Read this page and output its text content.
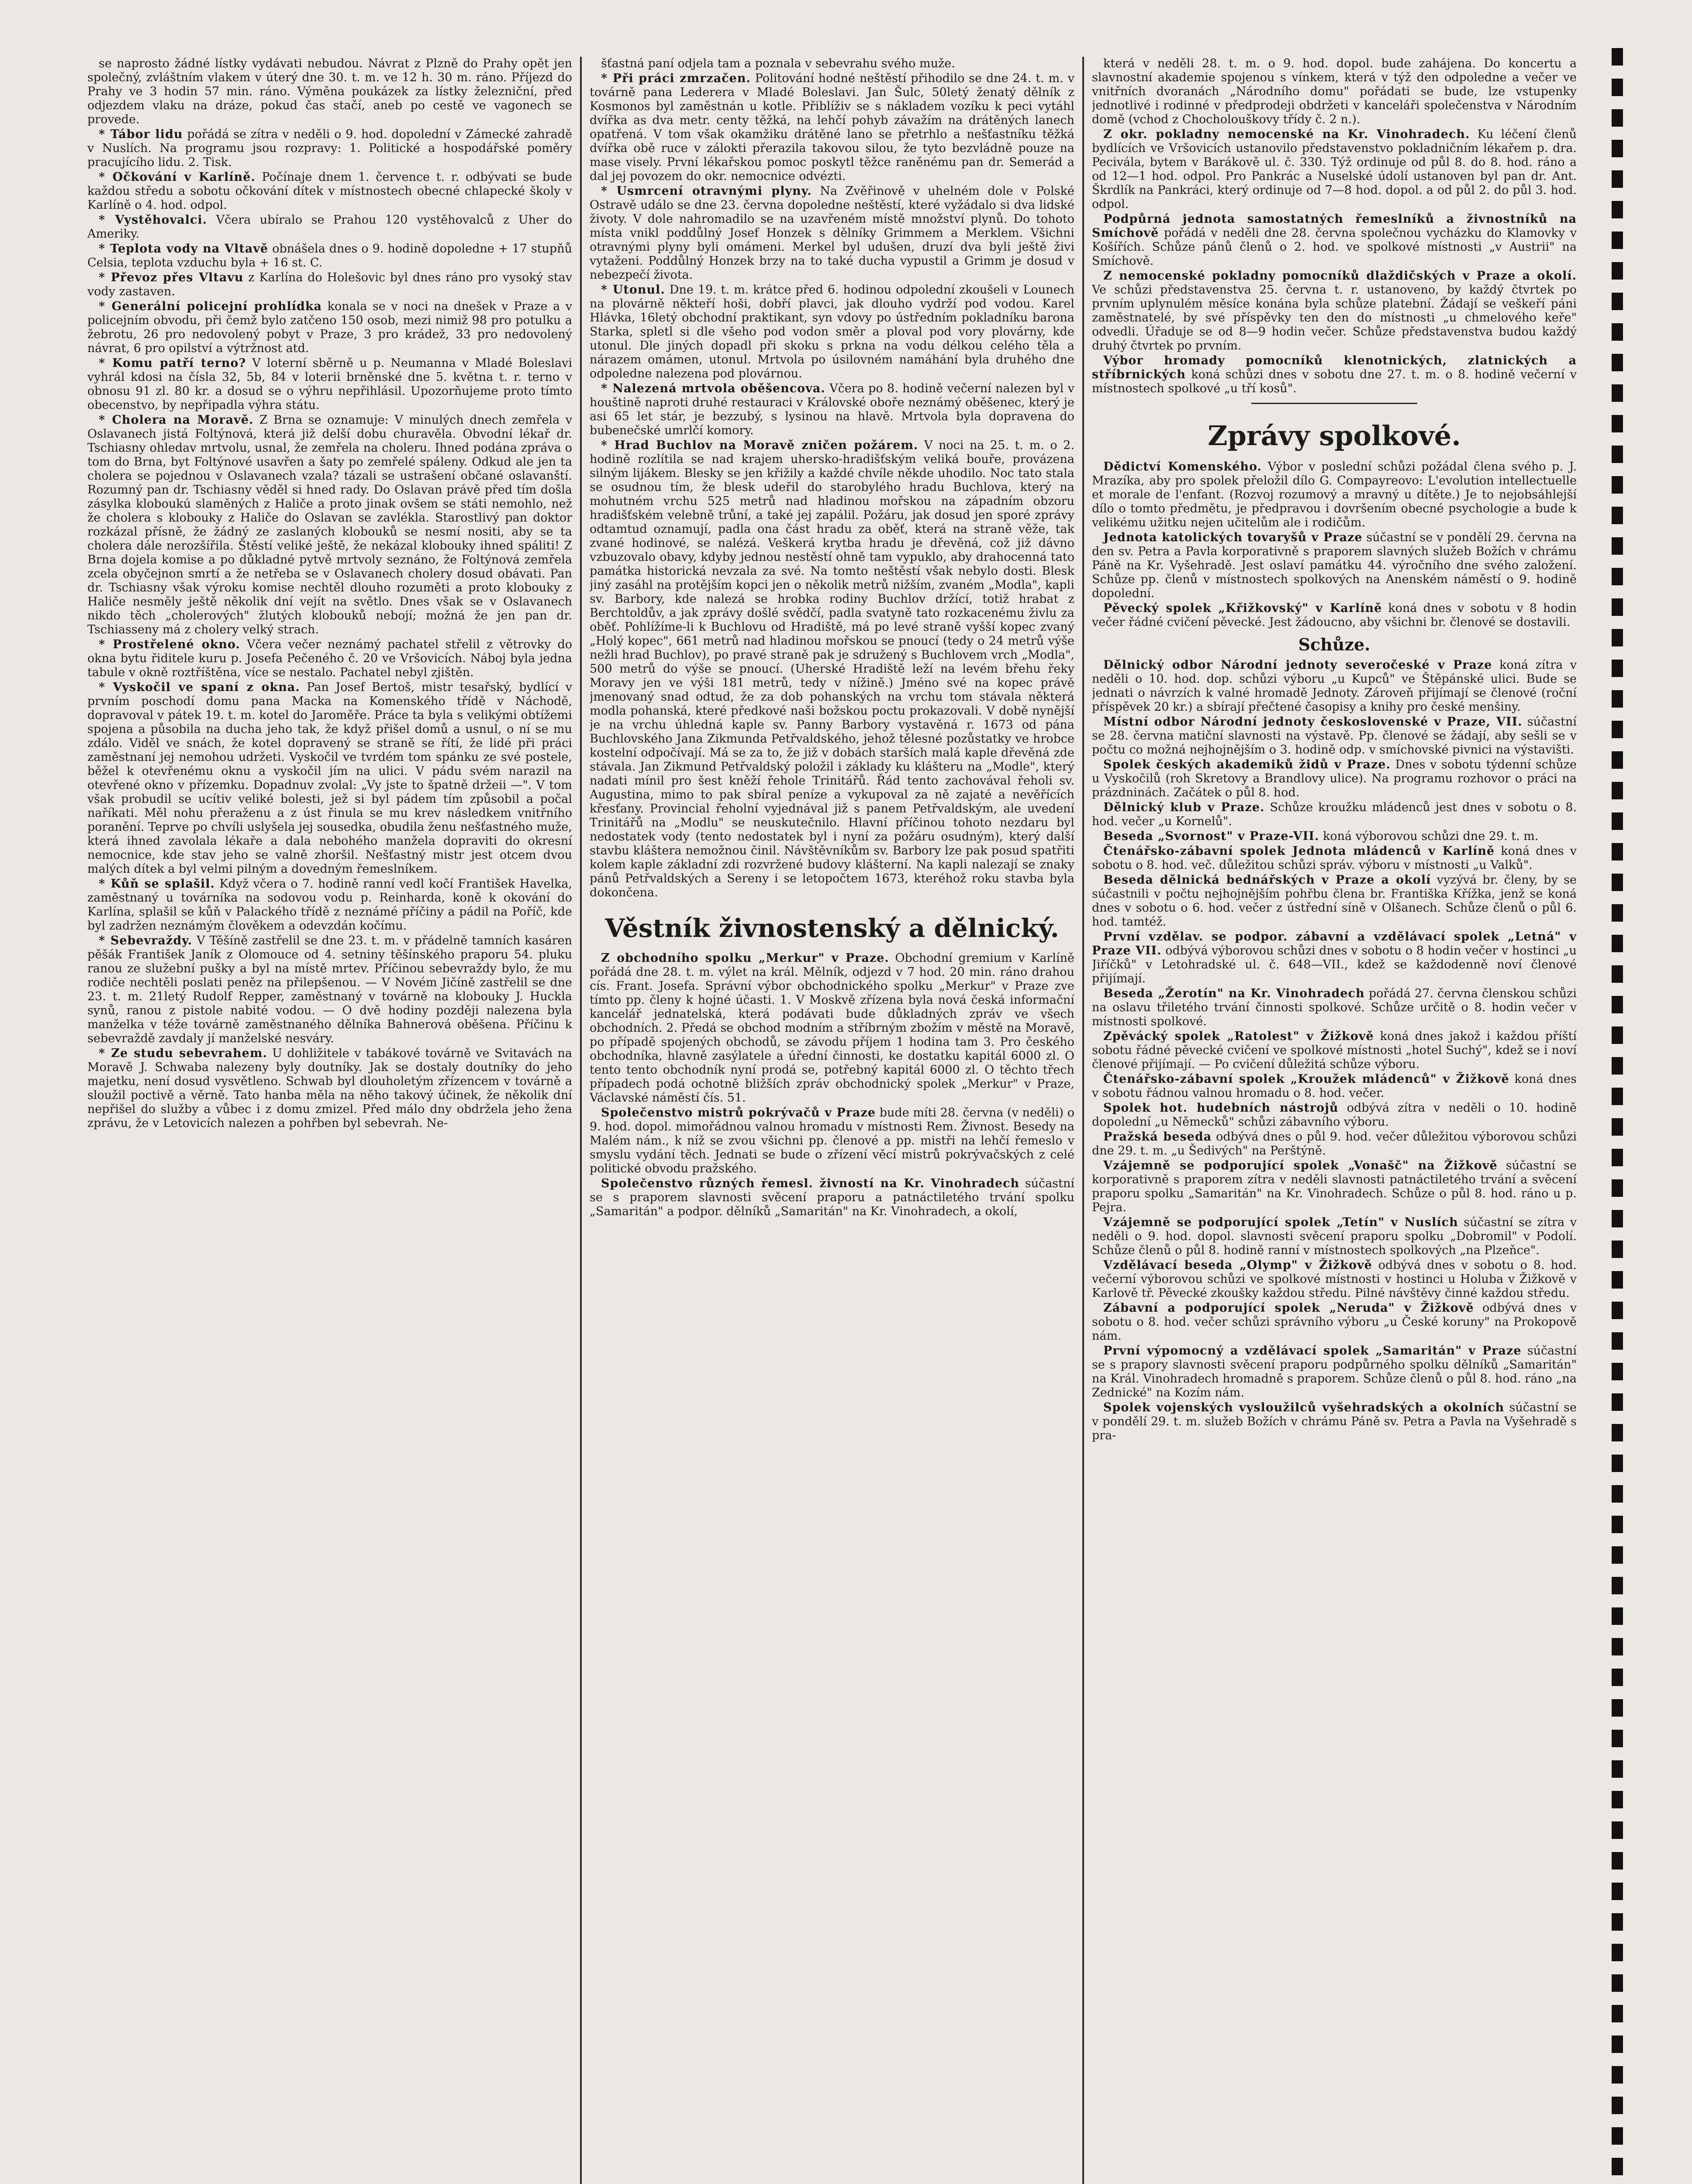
se naprosto žádné lístky vydávati nebudou. Návrat z Plzně do Prahy opět jen společný, zvláštním vlakem v úterý dne 30. t. m. ve 12 h. 30 m. ráno. Příjezd do Prahy ve 3 hodin 57 min. ráno. Výměna poukázek za lístky železniční, před odjezdem vlaku na dráze, pokud čas stačí, aneb po cestě ve vagonech se provede.

* Tábor lidu pořádá se zítra v neděli o 9. hod. dopolední v Zámecké zahradě v Nuslích. Na programu jsou rozpravy: 1. Politické a hospodářské poměry pracujícího lidu. 2. Tisk.

* Očkování v Karlíně. Počínaje dnem 1. července t. r. odbývati se bude každou středu a sobotu očkování dítek v místnostech obecné chlapecké školy v Karlíně o 4. hod. odpol.

* Vystěhovalci. Včera ubíralo se Prahou 120 vystěhovalců z Uher do Ameriky.

* Teplota vody na Vltavě obnášela dnes o 9. hodině dopoledne + 17 stupňů Celsia, teplota vzduchu byla + 16 st. C.

* Převoz přes Vltavu z Karlína do Holešovic byl dnes ráno pro vysoký stav vody zastaven.

* Generální policejní prohlídka konala se v noci na dnešek v Praze a v policejním obvodu, při čemž bylo zatčeno 150 osob, mezi nimiž 98 pro potulku a žebrotu, 26 pro nedovolený pobyt v Praze, 3 pro krádež, 33 pro nedovolený návrat, 6 pro opilství a výtržnost atd.

* Komu patří terno? V loterní sběrně u p. Neumanna v Mladé Boleslavi vyhrál kdosi na čísla 32, 5b, 84 v loterii brněnské dne 5. května t. r. terno v obnosu 91 zl. 80 kr. a dosud se o výhru nepřihlásil. Upozorňujeme proto tímto obecenstvo, by nepřipadla výhra státu.

* Cholera na Moravě. Z Brna se oznamuje: V minulých dnech zemřela v Oslavanech jistá Foltýnová, která již delší dobu churavěla. Obvodní lékař dr. Tschiasny ohledav mrtvolu, usnal, že zemřela na choleru. Ihned podána zpráva o tom do Brna, byt Foltýnové usavřen a šaty po zemřelé spáleny. Odkud ale jen ta cholera se pojednou v Oslavanech vzala? tázali se ustrašení občané oslavanští. Rozumný pan dr. Tschiasny věděl si hned rady. Do Oslavan právě před tím došla zásylka kloboukú slaměných z Haliče a proto jinak ovšem se státi nemohlo, než že cholera s klobouky z Haliče do Oslavan se zavlékla. Starostlivý pan doktor rozkázal přísně, že žádný ze zaslaných klobouků se nesmí nositi, aby se ta cholera dále nerozšířila. Štěstí veliké ještě, že nekázal klobouky ihned spáliti! Z Brna dojela komise a po důkladné pytvě mrtvoly seznáno, že Foltýnová zemřela zcela obyčejnon smrtí a že netřeba se v Oslavanech cholery dosud obávati. Pan dr. Tschiasny však výroku komise nechtěl dlouho rozuměti a proto klobouky z Haliče nesměly ještě několik dní vejít na světlo. Dnes však se v Oslavanech nikdo těch „cholerových" žlutých klobouků nebojí; možná že jen pan dr. Tschiasseny má z cholery velký strach.

* Prostřelené okno. Včera večer neznámý pachatel střelil z větrovky do okna bytu řiditele kuru p. Josefa Pečeného č. 20 ve Vršovicích. Náboj byla jedna tabule v okně roztříštěna, více se nestalo. Pachatel nebyl zjištěn.

* Vyskočil ve spaní z okna. Pan Josef Bertoš, mistr tesařský, bydlící v prvním poschodí domu pana Macka na Komenského třídě v Náchodě, dopravoval v pátek 19. t. m. kotel do Jaroměře. Práce ta byla s velikými obtížemi spojena a působila na ducha jeho tak, že když přišel domů a usnul, o ní se mu zdálo. Viděl ve snách, že kotel dopravený se straně se řítí, že lidé při práci zaměstnaní jej nemohou udržeti. Vyskočil ve tvrdém tom spánku ze své postele, běžel k otevřenému oknu a vyskočil jím na ulici. V pádu svém narazil na otevřené okno v přízemku. Dopadnuv zvolal: „Vy jste to špatně držeii —". V tom však probudil se ucítiv veliké bolesti, jež si byl pádem tím způsobil a počal naříkati. Měl nohu přeraženu a z úst řinula se mu krev následkem vnitřního poranění. Teprve po chvíli uslyšela jej sousedka, obudila ženu nešťastného muže, která ihned zavolala lékaře a dala nebohého manžela dopraviti do okresní nemocnice, kde stav jeho se valně zhoršil. Nešťastný mistr jest otcem dvou malých dítek a byl velmi pilným a dovedným řemeslníkem.

* Kůň se splašil. Když včera o 7. hodině ranní vedl kočí František Havelka, zaměstnaný u továrníka na sodovou vodu p. Reinharda, koně k okování do Karlína, splašil se kůň v Palackého třídě z neznámé příčiny a pádil na Poříč, kde byl zadržen neznámým člověkem a odevzdán kočímu.

* Sebevraždy. V Těšíně zastřelil se dne 23. t. m. v přádelně tamních kasáren pěšák František Janík z Olomouce od 4. setniny těšínského praporu 54. pluku ranou ze služební pušky a byl na místě mrtev. Příčinou sebevraždy bylo, že mu rodiče nechtěli poslati peněz na přilepšenou. — V Novém Jičíně zastřelil se dne 23. t. m. 21letý Rudolf Repper, zaměstnaný v továrně na klobouky J. Huckla synů, ranou z pistole nabité vodou. — O dvě hodiny později nalezena byla manželka v téže továrně zaměstnaného dělníka Bahnerová oběšena. Příčinu k sebevraždě zavdaly jí manželské nesváry.

* Ze studu sebevrahem. U dohližitele v tabákové továrně ve Svitavách na Moravě J. Schwaba nalezeny byly doutníky. Jak se dostaly doutníky do jeho majetku, není dosud vysvětleno. Schwab byl dlouholetým zřízencem v továrně a sloužil poctivě a věrně. Tato hanba měla na něho takový účinek, že několik dní nepřišel do služby a vůbec i z domu zmizel. Před málo dny obdržela jeho žena zprávu, že v Letovicích nalezen a pohřben byl sebevrah. Ne-

šťastná paní odjela tam a poznala v sebevrahu svého muže.

* Při práci zmrzačen. Politování hodné neštěstí přihodilo se dne 24. t. m. v továrně pana Lederera v Mladé Boleslavi. Jan Šulc, 50letý ženatý dělník z Kosmonos byl zaměstnán u kotle. Přiblíživ se s nákladem vozíku k peci vytáhl dvířka as dva metr. centy těžká, na lehčí pohyb závažím na drátěných lanech opatřená. V tom však okamžiku drátěné lano se přetrhlo a nešťastníku těžká dvířka obě ruce v zálokti přerazila takovou silou, že tyto bezvládně pouze na mase visely. První lékařskou pomoc poskytl těžce raněnému pan dr. Semerád a dal jej povozem do okr. nemocnice odvézti.

* Usmrcení otravnými plyny. Na Zvěřinově v uhelném dole v Polské Ostravě událo se dne 23. června dopoledne neštěstí, které vyžádalo si dva lidské životy. V dole nahromadilo se na uzavřeném místě množství plynů. Do tohoto místa vnikl poddůlný Josef Honzek s dělníky Grimmem a Merklem. Všichni otravnými plyny byli omámeni. Merkel byl udušen, druzí dva byli ještě živi vytaženi. Poddůlný Honzek brzy na to také ducha vypustil a Grimm je dosud v nebezpečí života.

* Utonul. Dne 19. t. m. krátce před 6. hodinou odpolední zkoušeli v Lounech na plovárně někteří hoši, dobří plavci, jak dlouho vydrží pod vodou. Karel Hlávka, 16letý obchodní praktikant, syn vdovy po ústředním pokladníku barona Starka, spletl si dle všeho pod vodon směr a ploval pod vory plovárny, kde utonul. Dle jiných dopadl při skoku s prkna na vodu délkou celého těla a nárazem omámen, utonul. Mrtvola po úsilovném namáhání byla druhého dne odpoledne nalezena pod plovárnou.

* Nalezená mrtvola oběšencova. Včera po 8. hodině večerní nalezen byl v houštině naproti druhé restauraci v Královské oboře neznámý oběšenec, který je asi 65 let stár, je bezzubý, s lysinou na hlavě. Mrtvola byla dopravena do bubenečské umrlčí komory.

* Hrad Buchlov na Moravě zničen požárem. V noci na 25. t. m. o 2. hodině rozlítila se nad krajem uhersko-hradišťským veliká bouře, provázena silným lijákem. Blesky se jen křižily a každé chvíle někde uhodilo. Noc tato stala se osudnou tím, že blesk udeřil do starobylého hradu Buchlova, který na mohutném vrchu 525 metrů nad hladinou mořskou na západním obzoru hradišťském velebně trůní, a také jej zapálil. Požáru, jak dosud jen sporé zprávy odtamtud oznamují, padla ona část hradu za oběť, která na straně věže, tak zvané hodinové, se nalézá. Veškerá krytba hradu je dřevěná, což již dávno vzbuzovalo obavy, kdyby jednou nestěstí ohně tam vypuklo, aby drahocenná tato památka historická nevzala za své. Na tomto neštěstí však nebylo dosti. Blesk jiný zasáhl na protějším kopci jen o několik metrů nižším, zvaném „Modla", kapli sv. Barbory, kde nalezá se hrobka rodiny Buchlov držící, totiž hrabat z Berchtoldův, a jak zprávy došlé svědčí, padla svatyně tato rozkacenému živlu za oběť. Pohlížíme-li k Buchlovu od Hradiště, má po levé straně vyšší kopec zvaný „Holý kopec", 661 metrů nad hladinou mořskou se pnoucí (tedy o 24 metrů výše nežli hrad Buchlov), po pravé straně pak je sdružený s Buchlovem vrch „Modla", 500 metrů do výše se pnoucí. (Uherské Hradiště leží na levém břehu řeky Moravy jen ve výši 181 metrů, tedy v nížině.) Jméno své na kopec právě jmenovaný snad odtud, že za dob pohanských na vrchu tom stávala některá modla pohanská, které předkové naši božskou poctu prokazovali. V době nynější je na vrchu úhledná kaple sv. Panny Barbory vystavěná r. 1673 od pána Buchlovského Jana Zikmunda Petřvaldského, jehož tělesné pozůstatky ve hrobce kostelní odpočívají. Má se za to, že již v dobách starších malá kaple dřevěná zde stávala. Jan Zikmund Petřvaldský položil i základy ku klášteru na „Modle", který nadati mínil pro šest kněží řehole Trinitářů. Řád tento zachovával řeholi sv. Augustina, mimo to pak sbíral peníze a vykupoval za ně zajaté a nevěřících křesťany. Provincial řeholní vyjednával již s panem Petřvaldským, ale uvedení Trinitářů na „Modlu" se neuskutečnilo. Hlavní příčinou tohoto nezdaru byl nedostatek vody (tento nedostatek byl i nyní za požáru osudným), který další stavbu kláštera nemožnou činil. Návštěvníkům sv. Barbory lze pak posud spatřiti kolem kaple základní zdi rozvržené budovy klášterní. Na kapli nalezají se znaky pánů Petřvaldských a Sereny i se letopočtem 1673, kteréhož roku stavba byla dokončena.

Věstník živnostenský a dělnický.

Z obchodního spolku „Merkur" v Praze. Obchodní gremium v Karlíně pořádá dne 28. t. m. výlet na král. Mělník, odjezd v 7 hod. 20 min. ráno drahou cís. Frant. Josefa. Správní výbor obchodnického spolku „Merkur" v Praze zve tímto pp. členy k hojné účasti. 1. V Moskvě zřízena byla nová česká informační kancelář jednatelská, která podávati bude důkladných zpráv ve všech obchodních. 2. Předá se obchod modním a stříbrným zbožím v městě na Moravě, po případě spojených obchodů, se závodu příjem 1 hodina tam 3. Pro českého obchodníka, hlavně zasýlatele a úřední činnosti, ke dostatku kapitál 6000 zl. O tento tento obchodník nyní prodá se, potřebný kapitál 6000 zl. O těchto třech případech podá ochotně bližších zpráv obchodnický spolek „Merkur" v Praze, Václavské náměstí čís. 51.

Společenstvo mistrů pokrývačů v Praze bude míti 28. června (v neděli) o 9. hod. dopol. mimořádnou valnou hromadu v místnosti Rem. Živnost. Besedy na Malém nám., k níž se zvou všichni pp. členové a pp. mistři na lehčí řemeslo v smyslu vydání těch. Jednati se bude o zřízení věcí mistrů pokrývačských z celé politické obvodu pražského.

Společenstvo různých řemesl. živností na Kr. Vinohradech súčastní se s praporem slavnosti svěcení praporu a patnáctiletého trvání spolku „Samaritán" a podpor. dělníků „Samaritán" na Kr. Vinohradech, a okolí,

která v neděli 28. t. m. o 9. hod. dopol. bude zahájena. Do koncertu a slavnostní akademie spojenou s vínkem, která v týž den odpoledne a večer ve vnitřních dvoranách „Národního domu" pořádati se bude, lze vstupenky jednotlivé i rodinné v předprodeji obdržeti v kanceláři společenstva v Národním domě (vchod z Chocholouškovy třídy č. 2 n.).

Z okr. pokladny nemocenské na Kr. Vinohradech. Ku léčení členů bydlících ve Vršovicích ustanovilo představenstvo pokladničním lékařem p. dra. Pecivála, bytem v Barákově ul. č. 330. Týž ordinuje od půl 8. do 8. hod. ráno a od 12—1 hod. odpol. Pro Pankrác a Nuselské údolí ustanoven byl pan dr. Ant. Škrdlík na Pankráci, který ordinuje od 7—8 hod. dopol. a od půl 2. do půl 3. hod. odpol.

Podpůrná jednota samostatných řemeslníků a živnostníků na Smíchově pořádá v neděli dne 28. června společnou vycházku do Klamovky v Košířích. Schůze pánů členů o 2. hod. ve spolkové místnosti „v Austrii" na Smíchově.

Z nemocenské pokladny pomocníků dlaždičských v Praze a okolí. Ve schůzi představenstva 25. června t. r. ustanoveno, by každý čtvrtek po prvním uplynulém měsíce konána byla schůze platební. Žádají se veškeří páni zaměstnatelé, by své příspěvky ten den do místnosti „u chmelového keře" odvedli. Úřaduje se od 8—9 hodin večer. Schůze představenstva budou každý druhý čtvrtek po prvním.

Výbor hromady pomocníků klenotnických, zlatnických a stříbrnických koná schůzi dnes v sobotu dne 27. t. m. o 8. hodině večerní v místnostech spolkové „u tří kosů".

Zprávy spolkové.

Dědictví Komenského. Výbor v poslední schůzi požádal člena svého p. J. Mrazíka, aby pro spolek přeložil dílo G. Compayreovo: L'evolution intellectuelle et morale de l'enfant. (Rozvoj rozumový a mravný u dítěte.) Je to nejobsáhlejší dílo o tomto předmětu, je předpravou i dovršením obecné psychologie a bude k velikému užitku nejen učitelům ale i rodičům.

Jednota katolických tovaryšů v Praze súčastní se v pondělí 29. června na den sv. Petra a Pavla korporativně s praporem slavných služeb Božích v chrámu Páně na Kr. Vyšehradě. Jest oslaví památku 44. výročního dne svého založení. Schůze pp. členů v místnostech spolkových na Anenském náměstí o 9. hodině dopolední.

Pěvecký spolek „Křižkovský" v Karlíně koná dnes v sobotu v 8 hodin večer řádné cvičení pěvecké. Jest žádoucno, aby všichni br. členové se dostavili.

Schůze.

Dělnický odbor Národní jednoty severočeské v Praze koná zítra v neděli o 10. hod. dop. schůzi výboru „u Kupců" ve Štěpánské ulici. Bude se jednati o návrzích k valné hromadě Jednoty. Zároveň přijímají se členové (roční příspěvek 20 kr.) a sbírají přečtené časopisy a knihy pro české menšiny.

Místní odbor Národní jednoty československé v Praze, VII. súčastní se 28. června matiční slavnosti na výstavě. Pp. členové se žádají, aby sešli se v počtu co možná nejhojnějším o 3. hodině odp. v smíchovské pivnici na výstavišti.

Spolek českých akademiků židů v Praze. Dnes v sobotu týdenní schůze u Vyskočilů (roh Skretovy a Brandlovy ulice). Na programu rozhovor o práci na prázdninách. Začátek o půl 8. hod.

Dělnický klub v Praze. Schůze kroužku mládenců jest dnes v sobotu o 8. hod. večer „u Kornelů".

Beseda „Svornost" v Praze-VII. koná výborovou schůzi dne 29. t. m.

Čtenářsko-zábavní spolek Jednota mládenců v Karlíně koná dnes v sobotu o 8. hod. več. důležitou schůzi správ. výboru v místnosti „u Valků".

Beseda dělnická bednářských v Praze a okolí vyzývá br. členy, by se súčastnili v počtu nejhojnějším pohřbu člena br. Františka Křížka, jenž se koná dnes v sobotu o 6. hod. večer z ústřední síně v Olšanech. Schůze členů o půl 6. hod. tamtéž.

První vzdělav. se podpor. zábavní a vzdělávací spolek „Letná" v Praze VII. odbývá výborovou schůzi dnes v sobotu o 8 hodin večer v hostinci „u Jiříčků" v Letohradské ul. č. 648—VII., kdež se každodenně noví členové přijímají.

Beseda „Žerotín" na Kr. Vinohradech pořádá 27. června členskou schůzi na oslavu třiletého trvání činnosti spolkové. Schůze určitě o 8. hodin večer v místnosti spolkové.

Zpěvácký spolek „Ratolest" v Žižkově koná dnes jakož i každou příští sobotu řádné pěvecké cvičení ve spolkové místnosti „hotel Suchý", kdež se i noví členové přijímají. — Po cvičení důležitá schůze výboru.

Čtenářsko-zábavní spolek „Kroužek mládenců" v Žižkově koná dnes v sobotu řádnou valnou hromadu o 8. hod. večer.

Spolek hot. hudebních nástrojů odbývá zítra v neděli o 10. hodině dopolední „u Německů" schůzi zábavního výboru.

Pražská beseda odbývá dnes o půl 9. hod. večer důležitou výborovou schůzi dne 29. t. m. „u Šedivých" na Perštýně.

Vzájemně se podporující spolek „Vonašč" na Žižkově súčastní se korporativně s praporem zítra v neděli slavnosti patnáctiletého trvání a svěcení praporu spolku „Samaritán" na Kr. Vinohradech. Schůze o půl 8. hod. ráno u p. Pejra.

Vzájemně se podporující spolek „Tetín" v Nuslích súčastní se zítra v neděli o 9. hod. dopol. slavnosti svěcení praporu spolku „Dobromil" v Podolí. Schůze členů o půl 8. hodině ranní v místnostech spolkových „na Plzeňce".

Vzdělávací beseda „Olymp" v Žižkově odbývá dnes v sobotu o 8. hod. večerní výborovou schůzi ve spolkové místnosti v hostinci u Holuba v Žižkově v Karlově tř. Pěvecké zkoušky každou středu. Pilné návštěvy činné každou středu.

Zábavní a podporující spolek „Neruda" v Žižkově odbývá dnes v sobotu o 8. hod. večer schůzi správního výboru „u České koruny" na Prokopově nám.

První výpomocný a vzdělávací spolek „Samaritán" v Praze súčastní se s prapory slavnosti svěcení praporu podpůrného spolku dělníků „Samaritán" na Král. Vinohradech hromadně s praporem. Schůze členů o půl 8. hod. ráno „na Zednické" na Kozím nám.

Spolek vojenských vysloužilců vyšehradských a okolních súčastní se v pondělí 29. t. m. služeb Božích v chrámu Páně sv. Petra a Pavla na Vyšehradě s pra-
